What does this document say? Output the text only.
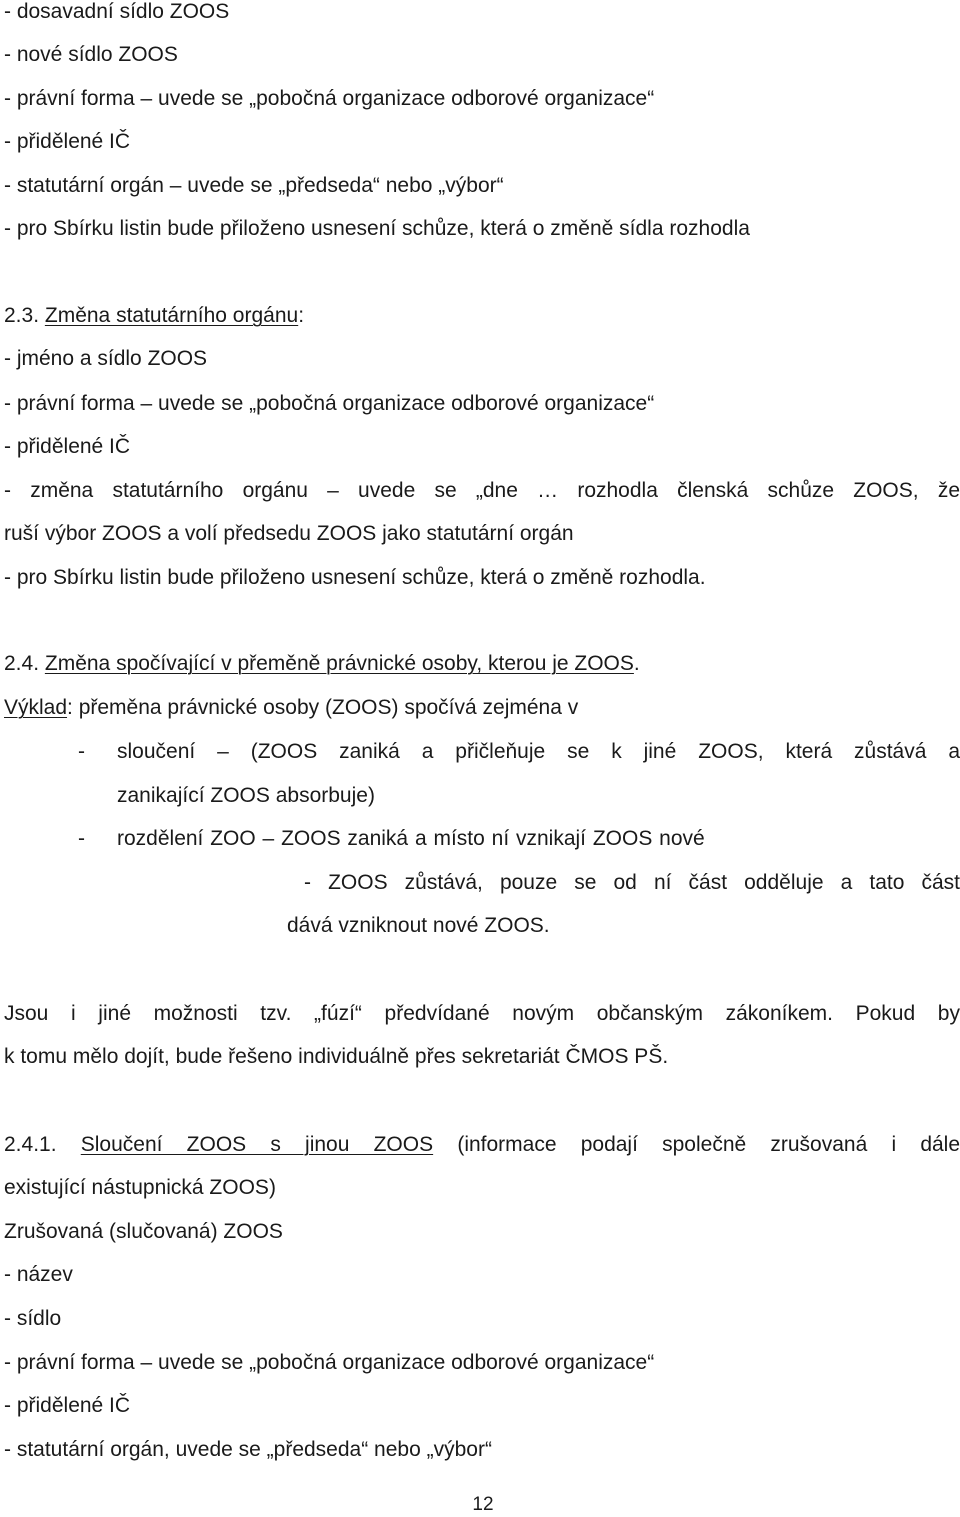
- dosavadní sídlo ZOOS
- nové sídlo ZOOS
- právní forma – uvede se „pobočná organizace odborové organizace“
- přidělené IČ
- statutární orgán – uvede se „předseda“ nebo „výbor“
- pro Sbírku listin bude přiloženo usnesení schůze, která o změně sídla rozhodla
2.3. Změna statutárního orgánu:
- jméno a sídlo ZOOS
- právní forma – uvede se „pobočná organizace odborové organizace“
- přidělené IČ
- změna statutárního orgánu – uvede se „dne … rozhodla členská schůze ZOOS, že
ruší výbor ZOOS a volí předsedu ZOOS jako statutární orgán
- pro Sbírku listin bude přiloženo usnesení schůze, která o změně rozhodla.
2.4. Změna spočívající v přeměně právnické osoby, kterou je ZOOS.
Výklad: přeměna právnické osoby (ZOOS) spočívá zejména v
- sloučení – (ZOOS zaniká a přičleňuje se k jiné ZOOS, která zůstává a
zanikající ZOOS absorbuje)
- rozdělení ZOO – ZOOS zaniká a místo ní vznikají ZOOS nové
- ZOOS zůstává, pouze se od ní část odděluje a tato část
dává vzniknout nové ZOOS.
Jsou i jiné možnosti tzv. „fúzí“ předvídané novým občanským zákoníkem. Pokud by
k tomu mělo dojít, bude řešeno individuálně přes sekretariát ČMOS PŠ.
2.4.1. Sloučení ZOOS s jinou ZOOS (informace podají společně zrušovaná i dále
existující nástupnická ZOOS)
Zrušovaná (slučovaná) ZOOS
- název
- sídlo
- právní forma – uvede se „pobočná organizace odborové organizace“
- přidělené IČ
- statutární orgán, uvede se „předseda“ nebo „výbor“
12
